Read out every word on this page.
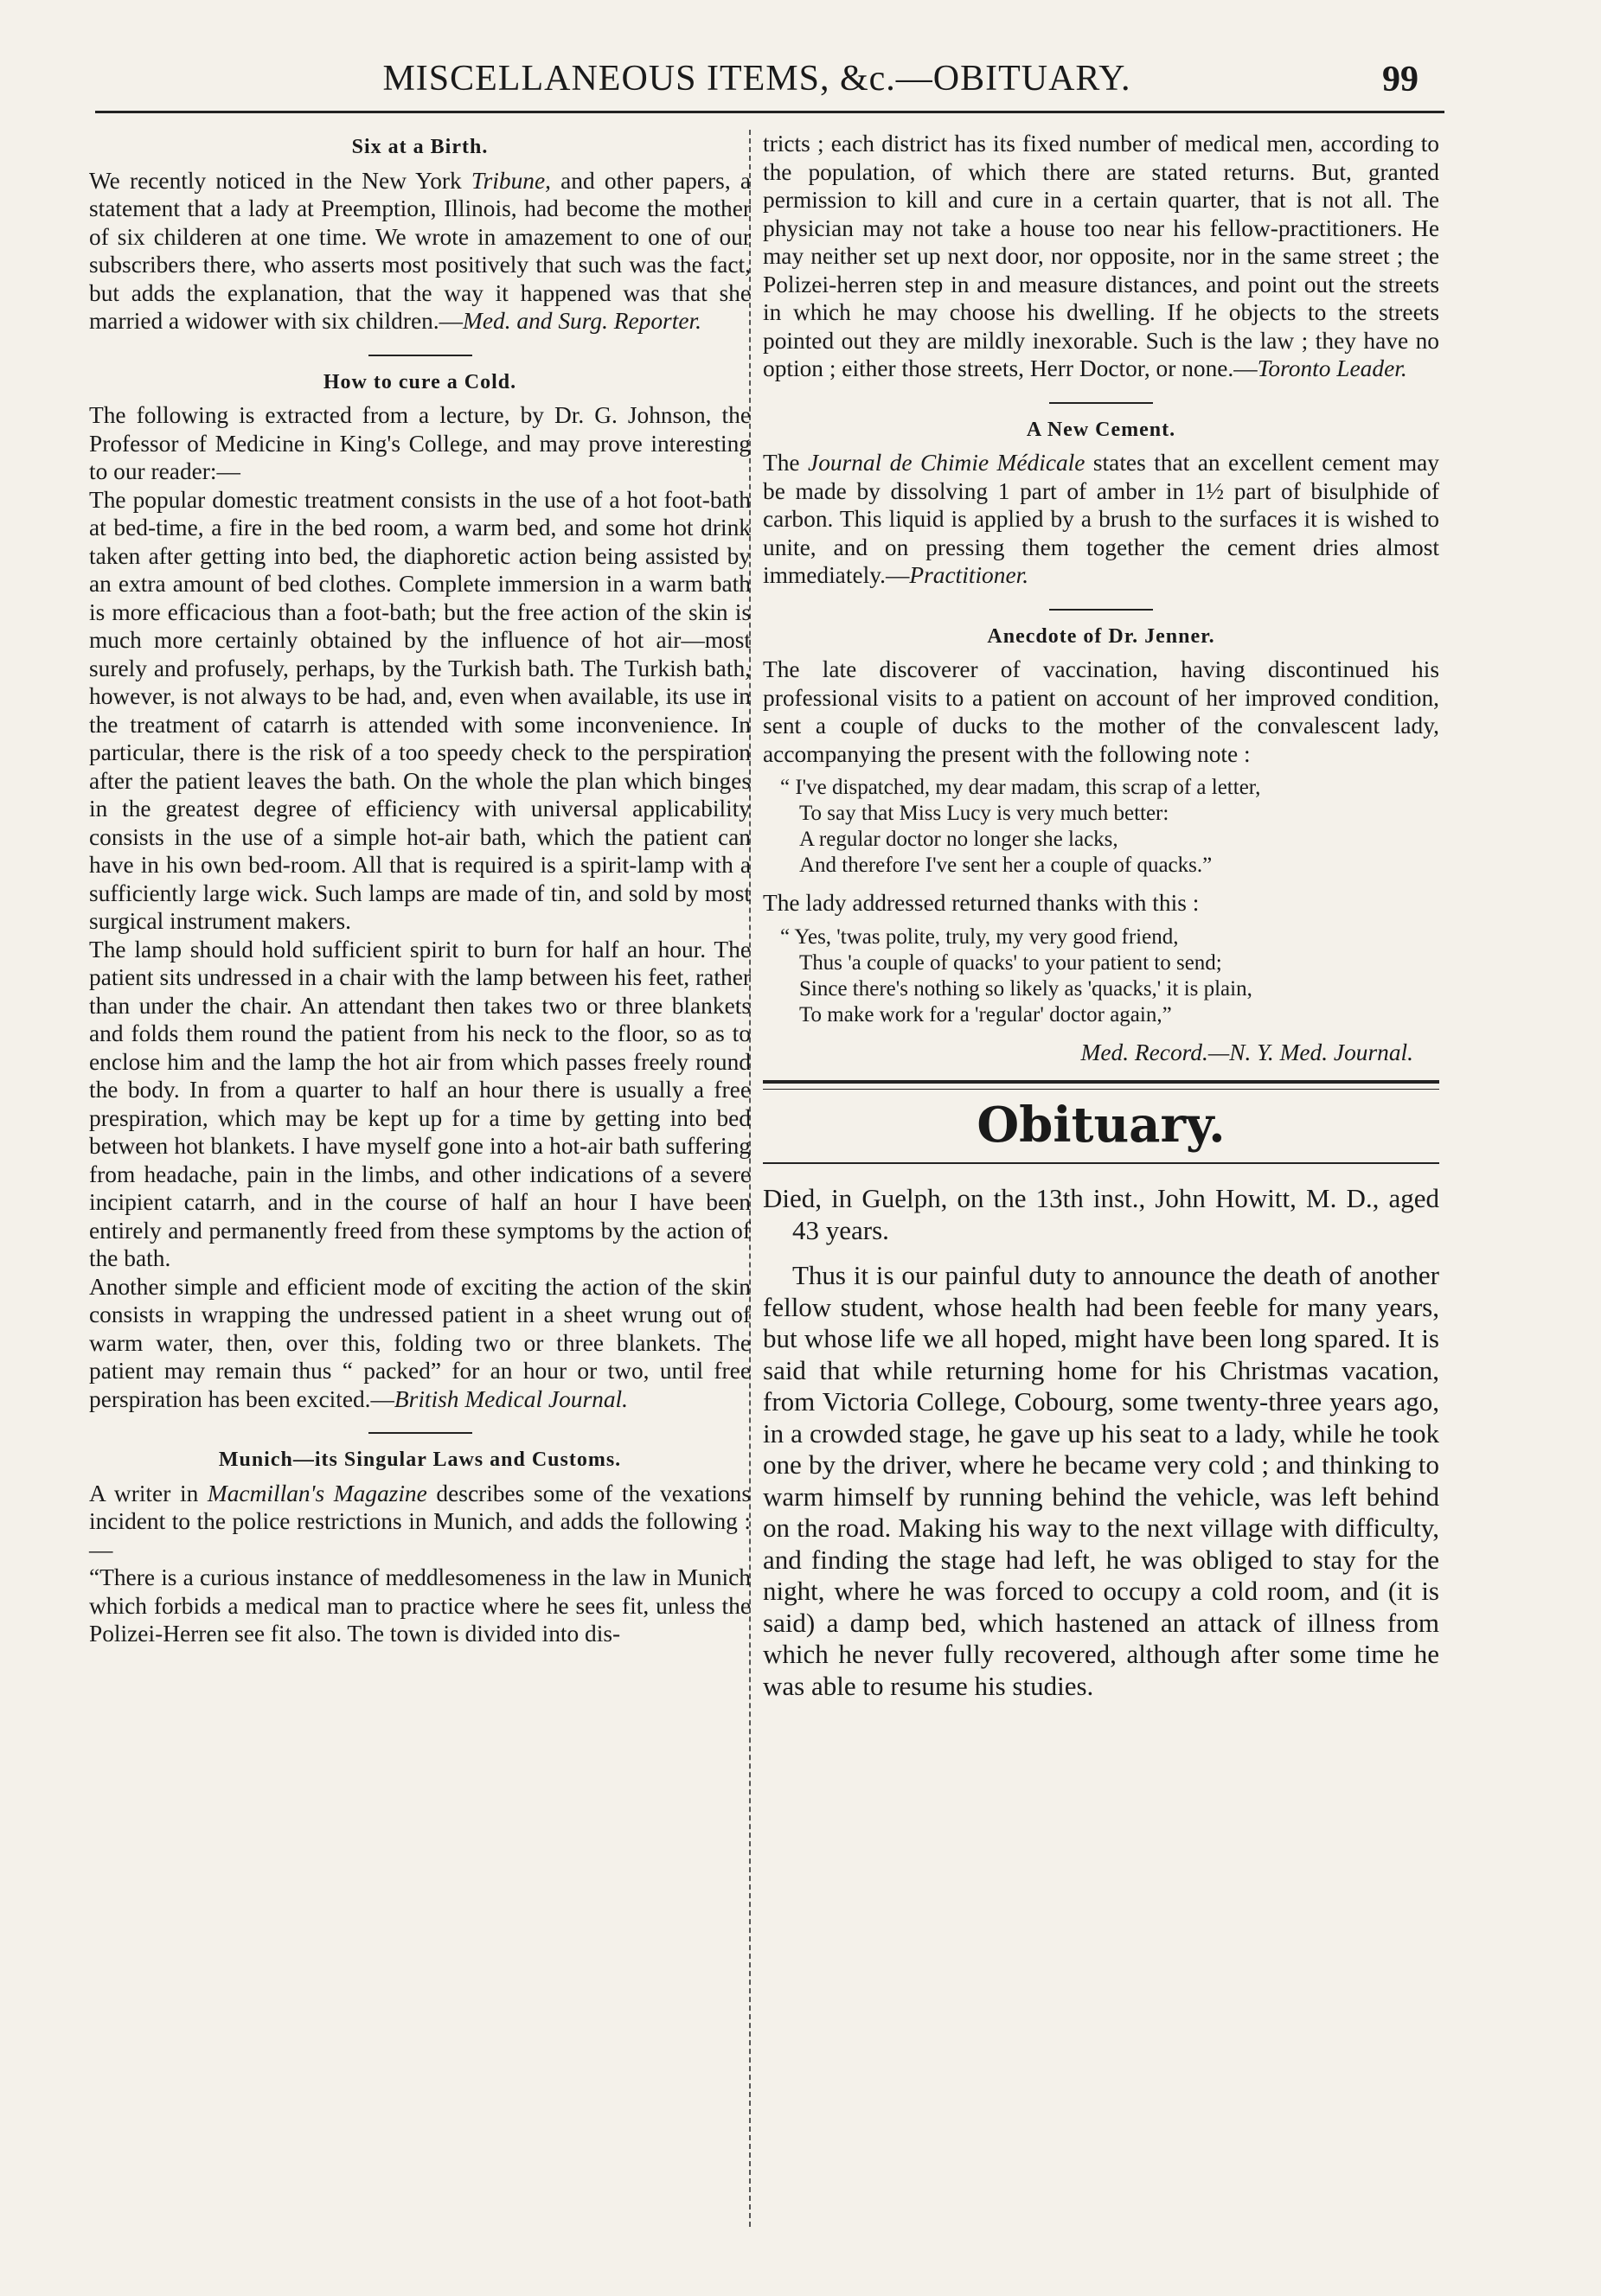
MISCELLANEOUS ITEMS, &c.—OBITUARY.	99
Six at a Birth.

We recently noticed in the New York Tribune, and other papers, a statement that a lady at Preemption, Illinois, had become the mother of six childeren at one time. We wrote in amazement to one of our subscribers there, who asserts most positively that such was the fact, but adds the explanation, that the way it happened was that she married a widower with six children.—Med. and Surg. Reporter.

How to cure a Cold.

The following is extracted from a lecture, by Dr. G. Johnson, the Professor of Medicine in King's College, and may prove interesting to our reader:—

The popular domestic treatment consists in the use of a hot foot-bath at bed-time, a fire in the bed room, a warm bed, and some hot drink taken after getting into bed, the diaphoretic action being assisted by an extra amount of bed clothes. Complete immersion in a warm bath is more efficacious than a foot-bath; but the free action of the skin is much more certainly obtained by the influence of hot air—most surely and profusely, perhaps, by the Turkish bath. The Turkish bath, however, is not always to be had, and, even when available, its use in the treatment of catarrh is attended with some inconvenience. In particular, there is the risk of a too speedy check to the perspiration after the patient leaves the bath. On the whole the plan which binges in the greatest degree of efficiency with universal applicability consists in the use of a simple hot-air bath, which the patient can have in his own bed-room. All that is required is a spirit-lamp with a sufficiently large wick. Such lamps are made of tin, and sold by most surgical instrument makers.

The lamp should hold sufficient spirit to burn for half an hour. The patient sits undressed in a chair with the lamp between his feet, rather than under the chair. An attendant then takes two or three blankets and folds them round the patient from his neck to the floor, so as to enclose him and the lamp the hot air from which passes freely round the body. In from a quarter to half an hour there is usually a free prespiration, which may be kept up for a time by getting into bed between hot blankets. I have myself gone into a hot-air bath suffering from headache, pain in the limbs, and other indications of a severe incipient catarrh, and in the course of half an hour I have been entirely and permanently freed from these symptoms by the action of the bath.

Another simple and efficient mode of exciting the action of the skin consists in wrapping the undressed patient in a sheet wrung out of warm water, then, over this, folding two or three blankets. The patient may remain thus “ packed” for an hour or two, until free perspiration has been excited.—British Medical Journal.

Munich—its Singular Laws and Customs.

A writer in Macmillan's Magazine describes some of the vexations incident to the police restrictions in Munich, and adds the following :—

“There is a curious instance of meddlesomeness in the law in Munich which forbids a medical man to practice where he sees fit, unless the Polizei-Herren see fit also. The town is divided into dis-

tricts ; each district has its fixed number of medical men, according to the population, of which there are stated returns. But, granted permission to kill and cure in a certain quarter, that is not all. The physician may not take a house too near his fellow-practitioners. He may neither set up next door, nor opposite, nor in the same street ; the Polizei-herren step in and measure distances, and point out the streets in which he may choose his dwelling. If he objects to the streets pointed out they are mildly inexorable. Such is the law ; they have no option ; either those streets, Herr Doctor, or none.—Toronto Leader.

A New Cement.

The Journal de Chimie Médicale states that an excellent cement may be made by dissolving 1 part of amber in 1½ part of bisulphide of carbon. This liquid is applied by a brush to the surfaces it is wished to unite, and on pressing them together the cement dries almost immediately.—Practitioner.

Anecdote of Dr. Jenner.

The late discoverer of vaccination, having discontinued his professional visits to a patient on account of her improved condition, sent a couple of ducks to the mother of the convalescent lady, accompanying the present with the following note :

“ I've dispatched, my dear madam, this scrap of a letter,
To say that Miss Lucy is very much better:
A regular doctor no longer she lacks,
And therefore I've sent her a couple of quacks.”

The lady addressed returned thanks with this :

“ Yes, 'twas polite, truly, my very good friend,
Thus 'a couple of quacks' to your patient to send;
Since there's nothing so likely as 'quacks,' it is plain,
To make work for a 'regular' doctor again,”
Med. Record.—N. Y. Med. Journal.
Obituary.

Died, in Guelph, on the 13th inst., John Howitt, M. D., aged 43 years.

Thus it is our painful duty to announce the death of another fellow student, whose health had been feeble for many years, but whose life we all hoped, might have been long spared. It is said that while returning home for his Christmas vacation, from Victoria College, Cobourg, some twenty-three years ago, in a crowded stage, he gave up his seat to a lady, while he took one by the driver, where he became very cold ; and thinking to warm himself by running behind the vehicle, was left behind on the road. Making his way to the next village with difficulty, and finding the stage had left, he was obliged to stay for the night, where he was forced to occupy a cold room, and (it is said) a damp bed, which hastened an attack of illness from which he never fully recovered, although after some time he was able to resume his studies.
